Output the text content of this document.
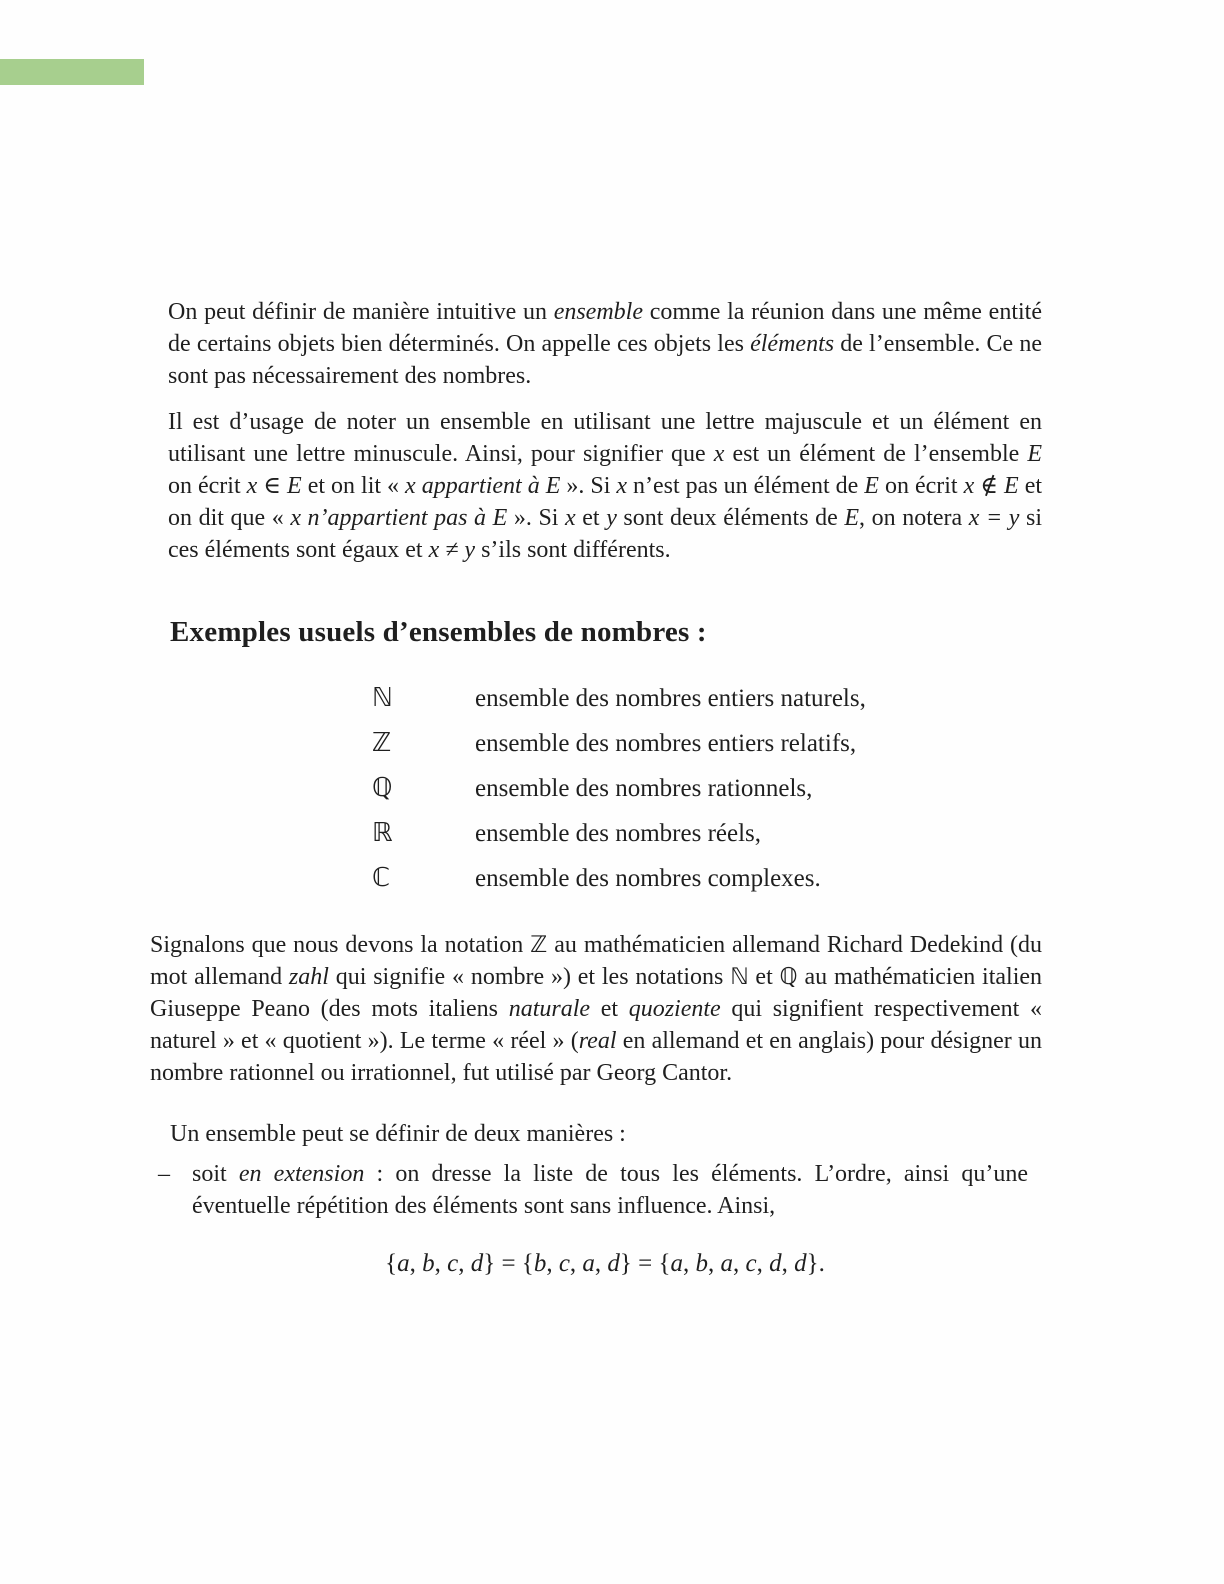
On peut définir de manière intuitive un ensemble comme la réunion dans une même entité de certains objets bien déterminés. On appelle ces objets les éléments de l’ensemble. Ce ne sont pas nécessairement des nombres.

Il est d’usage de noter un ensemble en utilisant une lettre majuscule et un élément en utilisant une lettre minuscule. Ainsi, pour signifier que x est un élément de l’ensemble E on écrit x ∈ E et on lit « x appartient à E ». Si x n’est pas un élément de E on écrit x ∉ E et on dit que « x n’appartient pas à E ». Si x et y sont deux éléments de E, on notera x = y si ces éléments sont égaux et x ≠ y s’ils sont différents.

Exemples usuels d’ensembles de nombres :
ℕ	ensemble des nombres entiers naturels,
ℤ	ensemble des nombres entiers relatifs,
ℚ	ensemble des nombres rationnels,
ℝ	ensemble des nombres réels,
ℂ	ensemble des nombres complexes.

Signalons que nous devons la notation ℤ au mathématicien allemand Richard Dedekind (du mot allemand zahl qui signifie « nombre ») et les notations ℕ et ℚ au mathématicien italien Giuseppe Peano (des mots italiens naturale et quoziente qui signifient respectivement « naturel » et « quotient »). Le terme « réel » (real en allemand et en anglais) pour désigner un nombre rationnel ou irrationnel, fut utilisé par Georg Cantor.

Un ensemble peut se définir de deux manières :

– soit en extension : on dresse la liste de tous les éléments. L’ordre, ainsi qu’une éventuelle répétition des éléments sont sans influence. Ainsi,

{a, b, c, d} = {b, c, a, d} = {a, b, a, c, d, d}.
